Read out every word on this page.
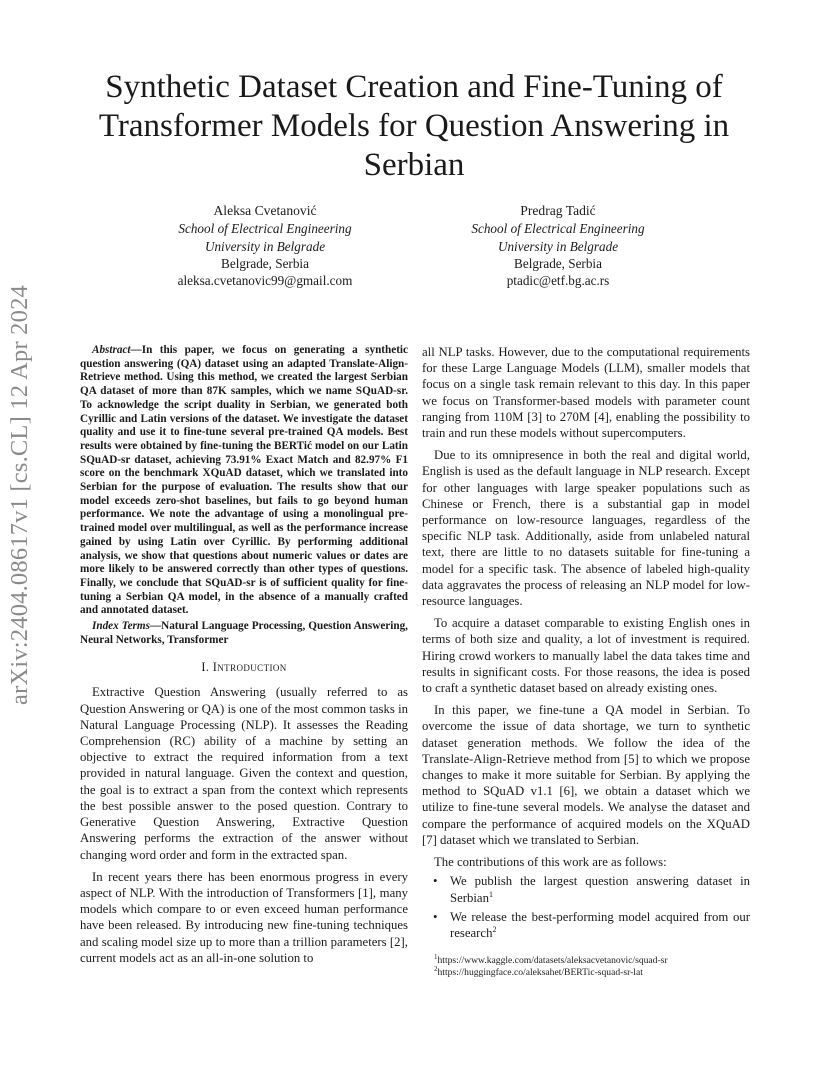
arXiv:2404.08617v1 [cs.CL] 12 Apr 2024
Synthetic Dataset Creation and Fine-Tuning of Transformer Models for Question Answering in Serbian
Aleksa Cvetanović
School of Electrical Engineering
University in Belgrade
Belgrade, Serbia
aleksa.cvetanovic99@gmail.com
Predrag Tadić
School of Electrical Engineering
University in Belgrade
Belgrade, Serbia
ptadic@etf.bg.ac.rs

Abstract—In this paper, we focus on generating a synthetic question answering (QA) dataset using an adapted Translate-Align-Retrieve method. Using this method, we created the largest Serbian QA dataset of more than 87K samples, which we name SQuAD-sr. To acknowledge the script duality in Serbian, we generated both Cyrillic and Latin versions of the dataset. We investigate the dataset quality and use it to fine-tune several pre-trained QA models. Best results were obtained by fine-tuning the BERTić model on our Latin SQuAD-sr dataset, achieving 73.91% Exact Match and 82.97% F1 score on the benchmark XQuAD dataset, which we translated into Serbian for the purpose of evaluation. The results show that our model exceeds zero-shot baselines, but fails to go beyond human performance. We note the advantage of using a monolingual pre-trained model over multilingual, as well as the performance increase gained by using Latin over Cyrillic. By performing additional analysis, we show that questions about numeric values or dates are more likely to be answered correctly than other types of questions. Finally, we conclude that SQuAD-sr is of sufficient quality for fine-tuning a Serbian QA model, in the absence of a manually crafted and annotated dataset.

Index Terms—Natural Language Processing, Question Answering, Neural Networks, Transformer

I. Introduction

Extractive Question Answering (usually referred to as Question Answering or QA) is one of the most common tasks in Natural Language Processing (NLP). It assesses the Reading Comprehension (RC) ability of a machine by setting an objective to extract the required information from a text provided in natural language. Given the context and question, the goal is to extract a span from the context which represents the best possible answer to the posed question. Contrary to Generative Question Answering, Extractive Question Answering performs the extraction of the answer without changing word order and form in the extracted span.

In recent years there has been enormous progress in every aspect of NLP. With the introduction of Transformers [1], many models which compare to or even exceed human performance have been released. By introducing new fine-tuning techniques and scaling model size up to more than a trillion parameters [2], current models act as an all-in-one solution to

all NLP tasks. However, due to the computational requirements for these Large Language Models (LLM), smaller models that focus on a single task remain relevant to this day. In this paper we focus on Transformer-based models with parameter count ranging from 110M [3] to 270M [4], enabling the possibility to train and run these models without supercomputers.

Due to its omnipresence in both the real and digital world, English is used as the default language in NLP research. Except for other languages with large speaker populations such as Chinese or French, there is a substantial gap in model performance on low-resource languages, regardless of the specific NLP task. Additionally, aside from unlabeled natural text, there are little to no datasets suitable for fine-tuning a model for a specific task. The absence of labeled high-quality data aggravates the process of releasing an NLP model for low-resource languages.

To acquire a dataset comparable to existing English ones in terms of both size and quality, a lot of investment is required. Hiring crowd workers to manually label the data takes time and results in significant costs. For those reasons, the idea is posed to craft a synthetic dataset based on already existing ones.

In this paper, we fine-tune a QA model in Serbian. To overcome the issue of data shortage, we turn to synthetic dataset generation methods. We follow the idea of the Translate-Align-Retrieve method from [5] to which we propose changes to make it more suitable for Serbian. By applying the method to SQuAD v1.1 [6], we obtain a dataset which we utilize to fine-tune several models. We analyse the dataset and compare the performance of acquired models on the XQuAD [7] dataset which we translated to Serbian.

The contributions of this work are as follows:

• We publish the largest question answering dataset in Serbian$^1$
• We release the best-performing model acquired from our research$^2$

$^1$https://www.kaggle.com/datasets/aleksacvetanovic/squad-sr

$^2$https://huggingface.co/aleksahet/BERTic-squad-sr-lat
